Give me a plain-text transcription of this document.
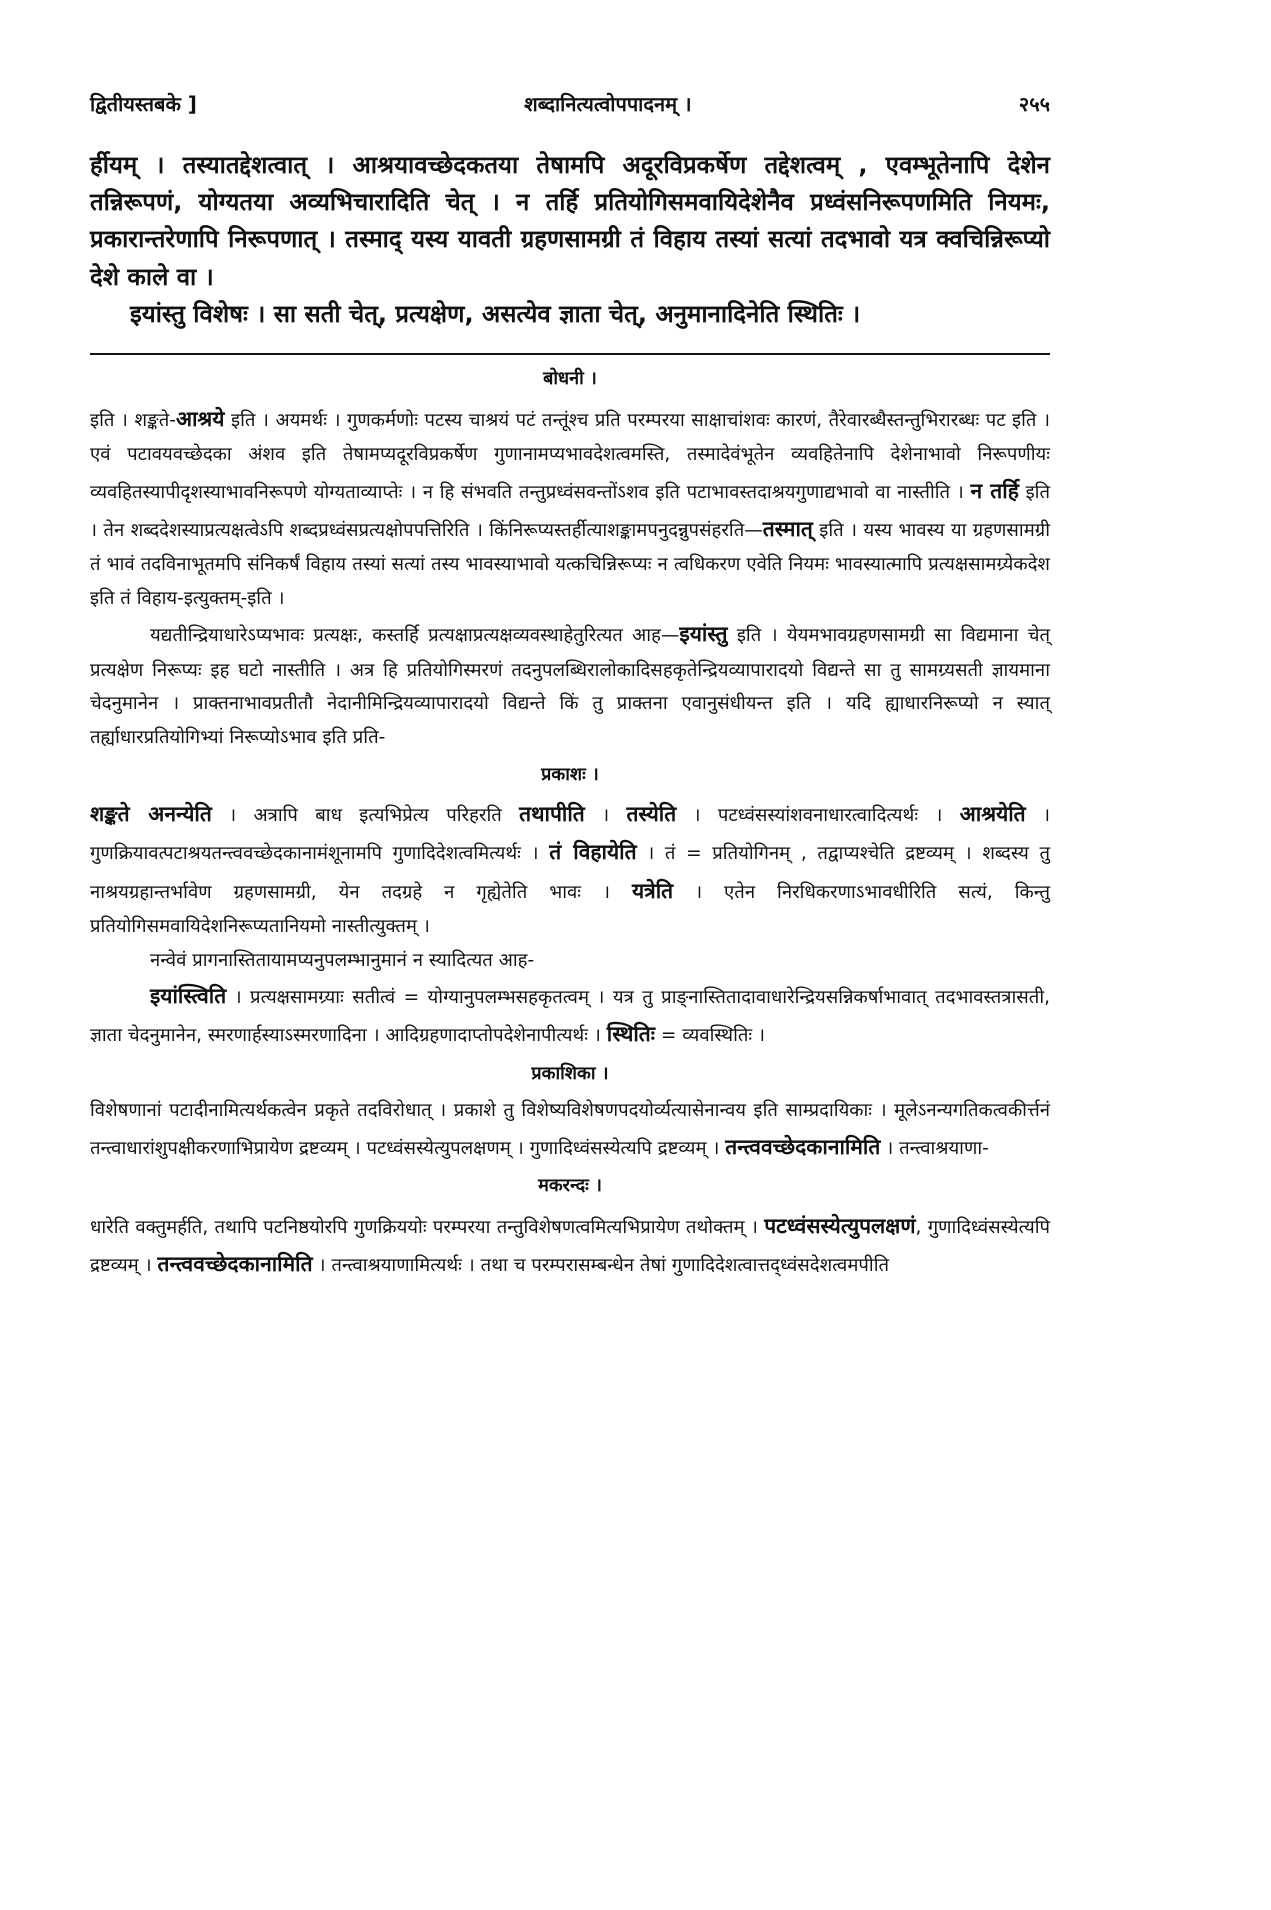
द्वितीयस्तबके ]	शब्दानित्यत्वोपपादनम् ।	२५५

र्हीयम् । तस्यातद्देशत्वात् । आश्रयावच्छेदकतया तेषामपि अदूरविप्रकर्षेण तद्देशत्वम् , एवम्भूतेनापि देशेन तन्निरूपणं, योग्यतया अव्यभिचारादिति चेत् । न तर्हि प्रतियोगिसमवायिदेशेनैव प्रध्वंसनिरूपणमिति नियमः, प्रकारान्तरेणापि निरूपणात् । तस्माद् यस्य यावती ग्रहणसामग्री तं विहाय तस्यां सत्यां तदभावो यत्र क्वचिन्निरूप्यो देशे काले वा ।

इयांस्तु विशेषः । सा सती चेत्, प्रत्यक्षेण, असत्येव ज्ञाता चेत्, अनुमानादिनेति स्थितिः ।

बोधनी ।

इति । शङ्कते-आश्रये इति । अयमर्थः । गुणकर्मणोः पटस्य चाश्रयं पटं तन्तूंश्च प्रति परम्परया साक्षाचांशवः कारणं, तैरेवारब्धैस्तन्तुभिरारब्धः पट इति । एवं पटावयवच्छेदका अंशव इति तेषामप्यदूरविप्रकर्षेण गुणानामप्यभावदेशत्वमस्ति, तस्मादेवंभूतेन व्यवहितेनापि देशेनाभावो निरूपणीयः व्यवहितस्यापीदृशस्याभावनिरूपणे योग्यताव्याप्तेः । न हि संभवति तन्तुप्रध्वंसवन्तोंऽशव इति पटाभावस्तदाश्रयगुणाद्यभावो वा नास्तीति । न तर्हि इति । तेन शब्ददेशस्याप्रत्यक्षत्वेऽपि शब्दप्रध्वंसप्रत्यक्षोपपत्तिरिति । किंनिरूप्यस्तर्हीत्याशङ्कामपनुदन्नुपसंहरति—तस्मात् इति । यस्य भावस्य या ग्रहणसामग्री तं भावं तदविनाभूतमपि संनिकर्षं विहाय तस्यां सत्यां तस्य भावस्याभावो यत्कचिन्निरूप्यः न त्वधिकरण एवेति नियमः भावस्यात्मापि प्रत्यक्षसामग्र्येकदेश इति तं विहाय-इत्युक्तम्-इति ।

यद्यतीन्द्रियाधारेऽप्यभावः प्रत्यक्षः, कस्तर्हि प्रत्यक्षाप्रत्यक्षव्यवस्थाहेतुरित्यत आह—इयांस्तु इति । येयमभावग्रहणसामग्री सा विद्यमाना चेत् प्रत्यक्षेण निरूप्यः इह घटो नास्तीति । अत्र हि प्रतियोगिस्मरणं तदनुपलब्धिरालोकादिसहकृतेन्द्रियव्यापारादयो विद्यन्ते सा तु सामग्र्यसती ज्ञायमाना चेदनुमानेन । प्राक्तनाभावप्रतीतौ नेदानीमिन्द्रियव्यापारादयो विद्यन्ते किं तु प्राक्तना एवानुसंधीयन्त इति । यदि ह्याधारनिरूप्यो न स्यात् तर्ह्याधारप्रतियोगिभ्यां निरूप्योऽभाव इति प्रति-

प्रकाशः ।

शङ्कते अनन्येति । अत्रापि बाध इत्यभिप्रेत्य परिहरति तथापीति । तस्येति । पटध्वंसस्यांशवनाधारत्वादित्यर्थः । आश्रयेति । गुणक्रियावत्पटाश्रयतन्त्ववच्छेदकानामंशूनामपि गुणादिदेशत्वमित्यर्थः । तं विहायेति । तं = प्रतियोगिनम् , तद्वाप्यश्चेति द्रष्टव्यम् । शब्दस्य तु नाश्रयग्रहान्तर्भावेण ग्रहणसामग्री, येन तदग्रहे न गृह्येतेति भावः । यत्रेति । एतेन निरधिकरणाऽभावधीरिति सत्यं, किन्तु प्रतियोगिसमवायिदेशनिरूप्यतानियमो नास्तीत्युक्तम् ।

नन्वेवं प्रागनास्तितायामप्यनुपलम्भानुमानं न स्यादित्यत आह-

इयांस्त्विति । प्रत्यक्षसामग्र्याः सतीत्वं = योग्यानुपलम्भसहकृतत्वम् । यत्र तु प्राङ्नास्तितादावाधारेन्द्रियसन्निकर्षाभावात् तदभावस्तत्रासती, ज्ञाता चेदनुमानेन, स्मरणार्हस्याऽस्मरणादिना । आदिग्रहणादाप्तोपदेशेनापीत्यर्थः । स्थितिः = व्यवस्थितिः ।

प्रकाशिका ।

विशेषणानां पटादीनामित्यर्थकत्वेन प्रकृते तदविरोधात् । प्रकाशे तु विशेष्यविशेषणपदयोर्व्यत्यासेनान्वय इति साम्प्रदायिकाः । मूलेऽनन्यगतिकत्वकीर्त्तनं तन्त्वाधारांशुपक्षीकरणाभिप्रायेण द्रष्टव्यम् । पटध्वंसस्येत्युपलक्षणम् । गुणादिध्वंसस्येत्यपि द्रष्टव्यम् । तन्त्ववच्छेदकानामिति । तन्त्वाश्रयाणा-

मकरन्दः ।

धारेति वक्तुमर्हति, तथापि पटनिष्ठयोरपि गुणक्रिययोः परम्परया तन्तुविशेषणत्वमित्यभिप्रायेण तथोक्तम् । पटध्वंसस्येत्युपलक्षणं, गुणादिध्वंसस्येत्यपि द्रष्टव्यम् । तन्त्ववच्छेदकानामिति । तन्त्वाश्रयाणामित्यर्थः । तथा च परम्परासम्बन्धेन तेषां गुणादिदेशत्वात्तद्ध्वंसदेशत्वमपीति
